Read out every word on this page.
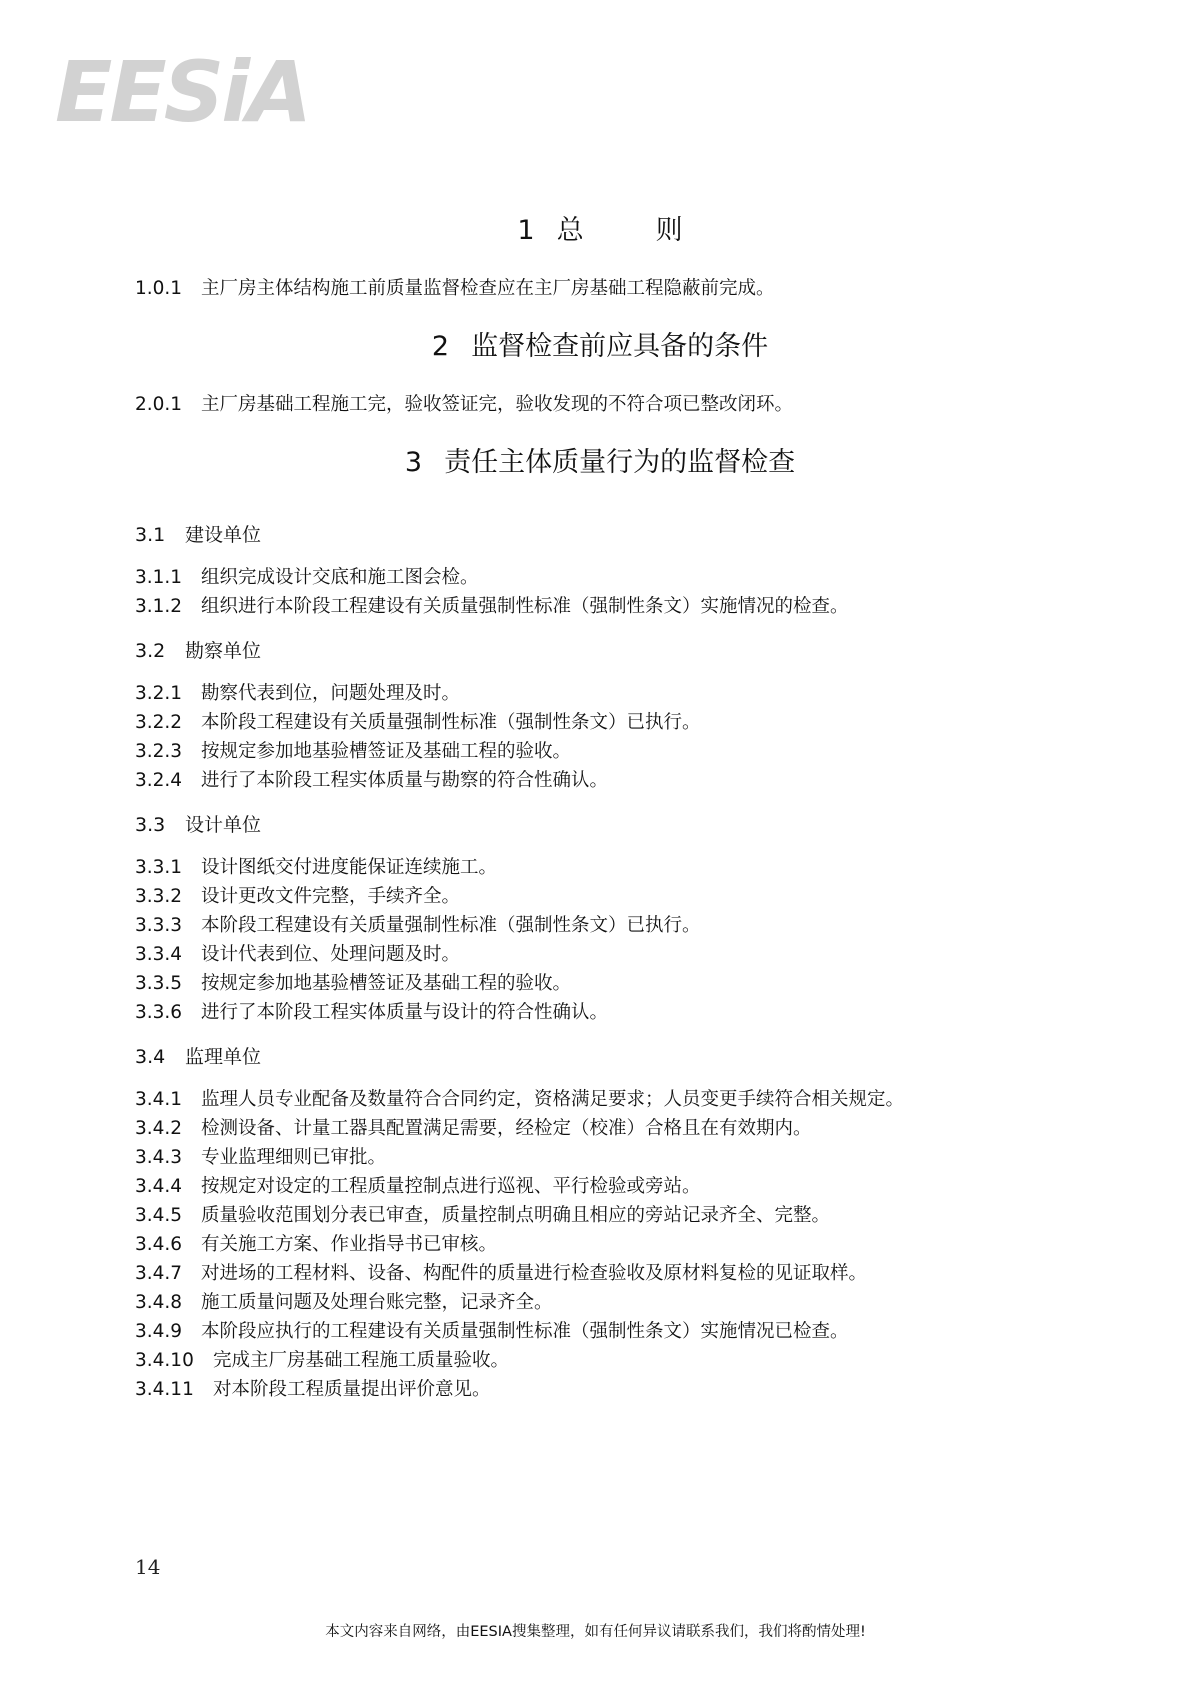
EESiA
1 总	则
1.0.1 主厂房主体结构施工前质量监督检查应在主厂房基础工程隐蔽前完成。
2 监督检查前应具备的条件
2.0.1 主厂房基础工程施工完，验收签证完，验收发现的不符合项已整改闭环。
3 责任主体质量行为的监督检查
3.1 建设单位
3.1.1 组织完成设计交底和施工图会检。
3.1.2 组织进行本阶段工程建设有关质量强制性标准（强制性条文）实施情况的检查。
3.2 勘察单位
3.2.1 勘察代表到位，问题处理及时。
3.2.2 本阶段工程建设有关质量强制性标准（强制性条文）已执行。
3.2.3 按规定参加地基验槽签证及基础工程的验收。
3.2.4 进行了本阶段工程实体质量与勘察的符合性确认。
3.3 设计单位
3.3.1 设计图纸交付进度能保证连续施工。
3.3.2 设计更改文件完整，手续齐全。
3.3.3 本阶段工程建设有关质量强制性标准（强制性条文）已执行。
3.3.4 设计代表到位、处理问题及时。
3.3.5 按规定参加地基验槽签证及基础工程的验收。
3.3.6 进行了本阶段工程实体质量与设计的符合性确认。
3.4 监理单位
3.4.1 监理人员专业配备及数量符合合同约定，资格满足要求；人员变更手续符合相关规定。
3.4.2 检测设备、计量工器具配置满足需要，经检定（校准）合格且在有效期内。
3.4.3 专业监理细则已审批。
3.4.4 按规定对设定的工程质量控制点进行巡视、平行检验或旁站。
3.4.5 质量验收范围划分表已审查，质量控制点明确且相应的旁站记录齐全、完整。
3.4.6 有关施工方案、作业指导书已审核。
3.4.7 对进场的工程材料、设备、构配件的质量进行检查验收及原材料复检的见证取样。
3.4.8 施工质量问题及处理台账完整，记录齐全。
3.4.9 本阶段应执行的工程建设有关质量强制性标准（强制性条文）实施情况已检查。
3.4.10 完成主厂房基础工程施工质量验收。
3.4.11 对本阶段工程质量提出评价意见。
14
本文内容来自网络，由EESIA搜集整理，如有任何异议请联系我们，我们将酌情处理!
